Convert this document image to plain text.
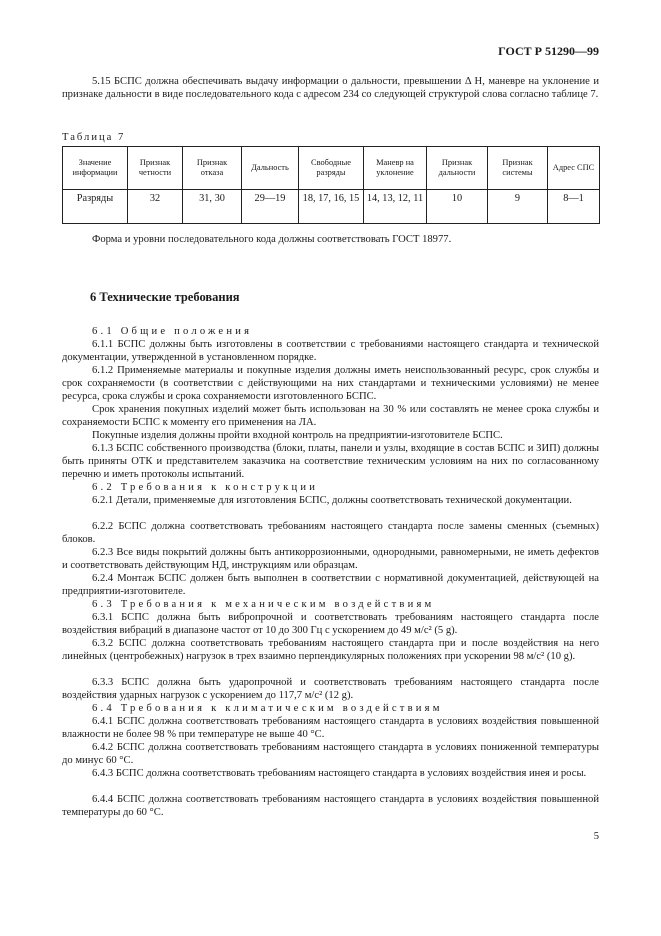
ГОСТ Р 51290—99

5.15 БСПС должна обеспечивать выдачу информации о дальности, превышении Δ H, маневре на уклонение и признаке дальности в виде последовательного кода с адресом 234 со следующей структурой слова согласно таблице 7.

Таблица 7
Значение информации	Признак четности	Признак отказа	Дальность	Свободные разряды	Маневр на уклонение	Признак дальности	Признак системы	Адрес СПС
Разряды	32	31, 30	29—19	18, 17, 16, 15	14, 13, 12, 11	10	9	8—1

Форма и уровни последовательного кода должны соответствовать ГОСТ 18977.

6 Технические требования

6.1 Общие положения

6.1.1 БСПС должны быть изготовлены в соответствии с требованиями настоящего стандарта и технической документации, утвержденной в установленном порядке.

6.1.2 Применяемые материалы и покупные изделия должны иметь неиспользованный ресурс, срок службы и срок сохраняемости (в соответствии с действующими на них стандартами и техническими условиями) не менее ресурса, срока службы и срока сохраняемости изготовленного БСПС.

Срок хранения покупных изделий может быть использован на 30 % или составлять не менее срока службы и сохраняемости БСПС к моменту его применения на ЛА.

Покупные изделия должны пройти входной контроль на предприятии-изготовителе БСПС.

6.1.3 БСПС собственного производства (блоки, платы, панели и узлы, входящие в состав БСПС и ЗИП) должны быть приняты ОТК и представителем заказчика на соответствие техническим условиям на них по согласованному перечню и иметь протоколы испытаний.

6.2 Требования к конструкции

6.2.1 Детали, применяемые для изготовления БСПС, должны соответствовать технической документации.

6.2.2 БСПС должна соответствовать требованиям настоящего стандарта после замены сменных (съемных) блоков.

6.2.3 Все виды покрытий должны быть антикоррозионными, однородными, равномерными, не иметь дефектов и соответствовать действующим НД, инструкциям или образцам.

6.2.4 Монтаж БСПС должен быть выполнен в соответствии с нормативной документацией, действующей на предприятии-изготовителе.

6.3 Требования к механическим воздействиям

6.3.1 БСПС должна быть вибропрочной и соответствовать требованиям настоящего стандарта после воздействия вибраций в диапазоне частот от 10 до 300 Гц с ускорением до 49 м/с² (5 g).

6.3.2 БСПС должна соответствовать требованиям настоящего стандарта при и после воздействия на него линейных (центробежных) нагрузок в трех взаимно перпендикулярных положениях при ускорении 98 м/с² (10 g).

6.3.3 БСПС должна быть ударопрочной и соответствовать требованиям настоящего стандарта после воздействия ударных нагрузок с ускорением до 117,7 м/с² (12 g).

6.4 Требования к климатическим воздействиям

6.4.1 БСПС должна соответствовать требованиям настоящего стандарта в условиях воздействия повышенной влажности не более 98 % при температуре не выше 40 °С.

6.4.2 БСПС должна соответствовать требованиям настоящего стандарта в условиях пониженной температуры до минус 60 °С.

6.4.3 БСПС должна соответствовать требованиям настоящего стандарта в условиях воздействия инея и росы.

6.4.4 БСПС должна соответствовать требованиям настоящего стандарта в условиях воздействия повышенной температуры до 60 °С.

5
